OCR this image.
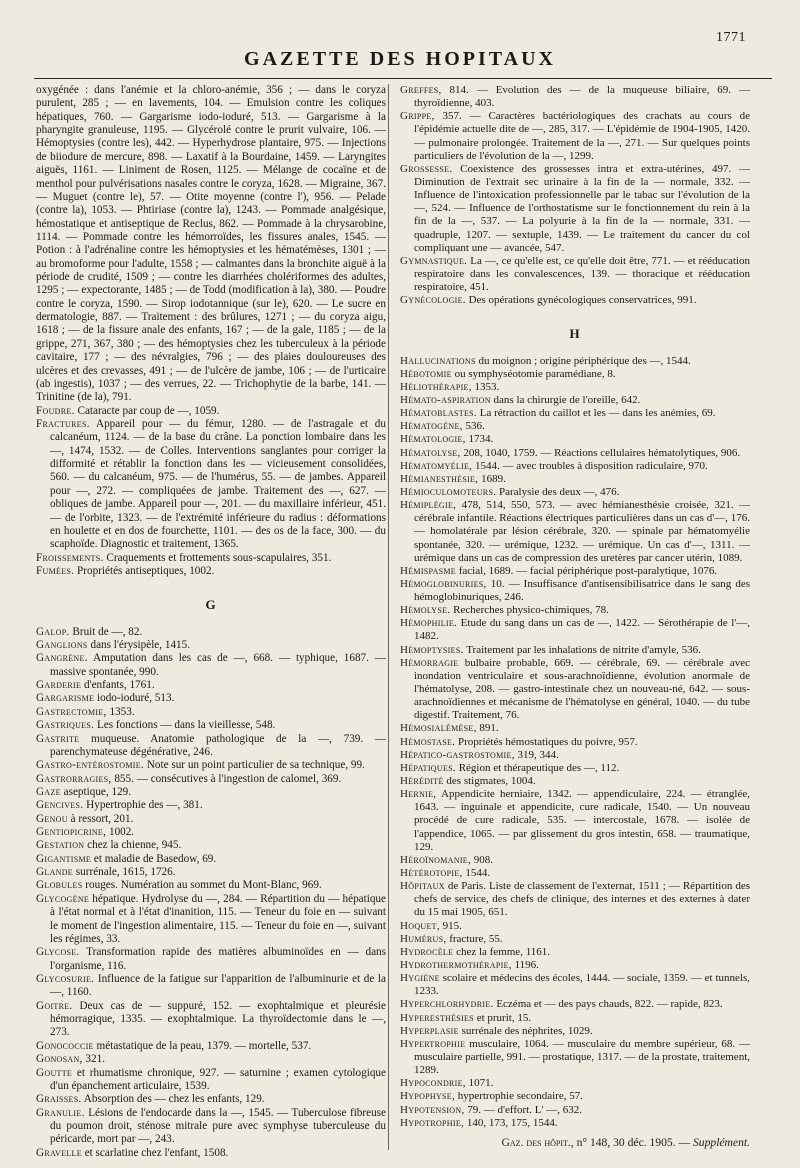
1771
GAZETTE DES HOPITAUX

oxygénée : dans l'anémie et la chloro-anémie, 356 ; — dans le coryza purulent, 285 ; — en lavements, 104. — Emulsion contre les coliques hépatiques, 760. — Gargarisme iodo-ioduré, 513. — Gargarisme à la pharyngite granuleuse, 1195. — Glycérolé contre le prurit vulvaire, 106. — Hémoptysies (contre les), 442. — Hyperhydrose plantaire, 975. — Injections de biiodure de mercure, 898. — Laxatif à la Bourdaine, 1459. — Laryngites aiguës, 1161. — Liniment de Rosen, 1125. — Mélange de cocaïne et de menthol pour pulvérisations nasales contre le coryza, 1628. — Migraine, 367. — Muguet (contre le), 57. — Otite moyenne (contre l'), 956. — Pelade (contre la), 1053. — Phtiriase (contre la), 1243. — Pommade analgésique, hémostatique et antiseptique de Reclus, 862. — Pommade à la chrysarobine, 1114. — Pommade contre les hémorroïdes, les fissures anales, 1545. — Potion : à l'adrénaline contre les hémoptysies et les hématémèses, 1301 ; — au bromoforme pour l'adulte, 1558 ; — calmantes dans la bronchite aiguë à la période de crudité, 1509 ; — contre les diarrhées cholériformes des adultes, 1295 ; — expectorante, 1485 ; — de Todd (modification à la), 380. — Poudre contre le coryza, 1590. — Sirop iodotannique (sur le), 620. — Le sucre en dermatologie, 887. — Traitement : des brûlures, 1271 ; — du coryza aigu, 1618 ; — de la fissure anale des enfants, 167 ; — de la gale, 1185 ; — de la grippe, 271, 367, 380 ; — des hémoptysies chez les tuberculeux à la période cavitaire, 177 ; — des névralgies, 796 ; — des plaies douloureuses des ulcères et des crevasses, 491 ; — de l'ulcère de jambe, 106 ; — de l'urticaire (ab ingestis), 1037 ; — des verrues, 22. — Trichophytie de la barbe, 141. — Trinitine (de la), 791.

Foudre. Cataracte par coup de —, 1059.

Fractures. Appareil pour — du fémur, 1280. — de l'astragale et du calcanéum, 1124. — de la base du crâne. La ponction lombaire dans les —, 1474, 1532. — de Colles. Interventions sanglantes pour corriger la difformité et rétablir la fonction dans les — vicieusement consolidées, 560. — du calcanéum, 975. — de l'humérus, 55. — de jambes. Appareil pour —, 272. — compliquées de jambe. Traitement des —, 627. — obliques de jambe. Appareil pour —, 201. — du maxillaire inférieur, 451. — de l'orbite, 1323. — de l'extrémité inférieure du radius : déformations en houlette et en dos de fourchette, 1101. — des os de la face, 300. — du scaphoïde. Diagnostic et traitement, 1365.

Froissements. Craquements et frottements sous-scapulaires, 351.

Fumées. Propriétés antiseptiques, 1002.

G

Galop. Bruit de —, 82.

Ganglions dans l'érysipèle, 1415.

Gangrène. Amputation dans les cas de —, 668. — typhique, 1687. — massive spontanée, 990.

Garderie d'enfants, 1761.

Gargarisme iodo-ioduré, 513.

Gastrectomie, 1353.

Gastriques. Les fonctions — dans la vieillesse, 548.

Gastrite muqueuse. Anatomie pathologique de la —, 739. — parenchymateuse dégénérative, 246.

Gastro-entérostomie. Note sur un point particulier de sa technique, 99.

Gastrorragies, 855. — consécutives à l'ingestion de calomel, 369.

Gaze aseptique, 129.

Gencives. Hypertrophie des —, 381.

Genou à ressort, 201.

Gentiopicrine, 1002.

Gestation chez la chienne, 945.

Gigantisme et maladie de Basedow, 69.

Glande surrénale, 1615, 1726.

Globules rouges. Numération au sommet du Mont-Blanc, 969.

Glycogène hépatique. Hydrolyse du —, 284. — Répartition du — hépatique à l'état normal et à l'état d'inanition, 115. — Teneur du foie en — suivant le moment de l'ingestion alimentaire, 115. — Teneur du foie en —, suivant les régimes, 33.

Glycose. Transformation rapide des matières albuminoïdes en — dans l'organisme, 116.

Glycosurie. Influence de la fatigue sur l'apparition de l'albuminurie et de la —, 1160.

Goitre. Deux cas de — suppuré, 152. — exophtalmique et pleurésie hémorragique, 1335. — exophtalmique. La thyroïdectomie dans le —, 273.

Gonococcie métastatique de la peau, 1379. — mortelle, 537.

Gonosan, 321.

Goutte et rhumatisme chronique, 927. — saturnine ; examen cytologique d'un épanchement articulaire, 1539.

Graisses. Absorption des — chez les enfants, 129.

Granulie. Lésions de l'endocarde dans la —, 1545. — Tuberculose fibreuse du poumon droit, sténose mitrale pure avec symphyse tuberculeuse du péricarde, mort par —, 243.

Gravelle et scarlatine chez l'enfant, 1508.

Greffes, 814. — Evolution des — de la muqueuse biliaire, 69. — thyroïdienne, 403.

Grippe, 357. — Caractères bactériologiques des crachats au cours de l'épidémie actuelle dite de —, 285, 317. — L'épidémie de 1904-1905, 1420. — pulmonaire prolongée. Traitement de la —, 271. — Sur quelques points particuliers de l'évolution de la —, 1299.

Grossesse. Coexistence des grossesses intra et extra-utérines, 497. — Diminution de l'extrait sec urinaire à la fin de la — normale, 332. — Influence de l'intoxication professionnelle par le tabac sur l'évolution de la —, 524. — Influence de l'orthostatisme sur le fonctionnement du rein à la fin de la —, 537. — La polyurie à la fin de la — normale, 331. — quadruple, 1207. — sextuple, 1439. — Le traitement du cancer du col compliquant une — avancée, 547.

Gymnastique. La —, ce qu'elle est, ce qu'elle doit être, 771. — et rééducation respiratoire dans les convalescences, 139. — thoracique et rééducation respiratoire, 451.

Gynécologie. Des opérations gynécologiques conservatrices, 991.

H

Hallucinations du moignon ; origine périphérique des —, 1544.

Hébotomie ou symphyséotomie paramédiane, 8.

Héliothérapie, 1353.

Hémato-aspiration dans la chirurgie de l'oreille, 642.

Hématoblastes. La rétraction du caillot et les — dans les anémies, 69.

Hématogène, 536.

Hématologie, 1734.

Hématolyse, 208, 1040, 1759. — Réactions cellulaires hématolytiques, 906.

Hématomyélie, 1544. — avec troubles à disposition radiculaire, 970.

Hémianesthésie, 1689.

Hémioculomoteurs. Paralysie des deux —, 476.

Hémiplégie, 478, 514, 550, 573. — avec hémianesthésie croisée, 321. — cérébrale infantile. Réactions électriques particulières dans un cas d'—, 176. — homolatérale par lésion cérébrale, 320. — spinale par hématomyélie spontanée, 320. — urémique, 1232. — urémique. Un cas d'—, 1311. — urémique dans un cas de compression des uretères par cancer utérin, 1089.

Hémispasme facial, 1689. — facial périphérique post-paralytique, 1076.

Hémoglobinuries, 10. — Insuffisance d'antisensibilisatrice dans le sang des hémoglobinuriques, 246.

Hémolyse. Recherches physico-chimiques, 78.

Hémophilie. Etude du sang dans un cas de —, 1422. — Sérothérapie de l'—, 1482.

Hémoptysies. Traitement par les inhalations de nitrite d'amyle, 536.

Hémorragie bulbaire probable, 669. — cérébrale, 69. — cérébrale avec inondation ventriculaire et sous-arachnoïdienne, évolution anormale de l'hématolyse, 208. — gastro-intestinale chez un nouveau-né, 642. — sous-arachnoïdiennes et mécanisme de l'hématolyse en général, 1040. — du tube digestif. Traitement, 76.

Hémosialémèse, 891.

Hémostase. Propriétés hémostatiques du poivre, 957.

Hépatico-gastrostomie, 319, 344.

Hépatiques. Région et thérapeutique des —, 112.

Hérédité des stigmates, 1004.

Hernie, Appendicite herniaire, 1342. — appendiculaire, 224. — étranglée, 1643. — inguinale et appendicite, cure radicale, 1540. — Un nouveau procédé de cure radicale, 535. — intercostale, 1678. — isolée de l'appendice, 1065. — par glissement du gros intestin, 658. — traumatique, 129.

Héroïnomanie, 908.

Hétérotopie, 1544.

Hôpitaux de Paris. Liste de classement de l'externat, 1511 ; — Répartition des chefs de service, des chefs de clinique, des internes et des externes à dater du 15 mai 1905, 651.

Hoquet, 915.

Humérus, fracture, 55.

Hydrocèle chez la femme, 1161.

Hydrothermothérapie, 1196.

Hygiène scolaire et médecins des écoles, 1444. — sociale, 1359. — et tunnels, 1233.

Hyperchlorhydrie. Eczéma et — des pays chauds, 822. — rapide, 823.

Hyperesthésies et prurit, 15.

Hyperplasie surrénale des néphrites, 1029.

Hypertrophie musculaire, 1064. — musculaire du membre supérieur, 68. — musculaire partielle, 991. — prostatique, 1317. — de la prostate, traitement, 1289.

Hypocondrie, 1071.

Hypophyse, hypertrophie secondaire, 57.

Hypotension, 79. — d'effort. L' —, 632.

Hypotrophie, 140, 173, 175, 1544.

Gaz. des hôpit., n° 148, 30 déc. 1905. — Supplément.
